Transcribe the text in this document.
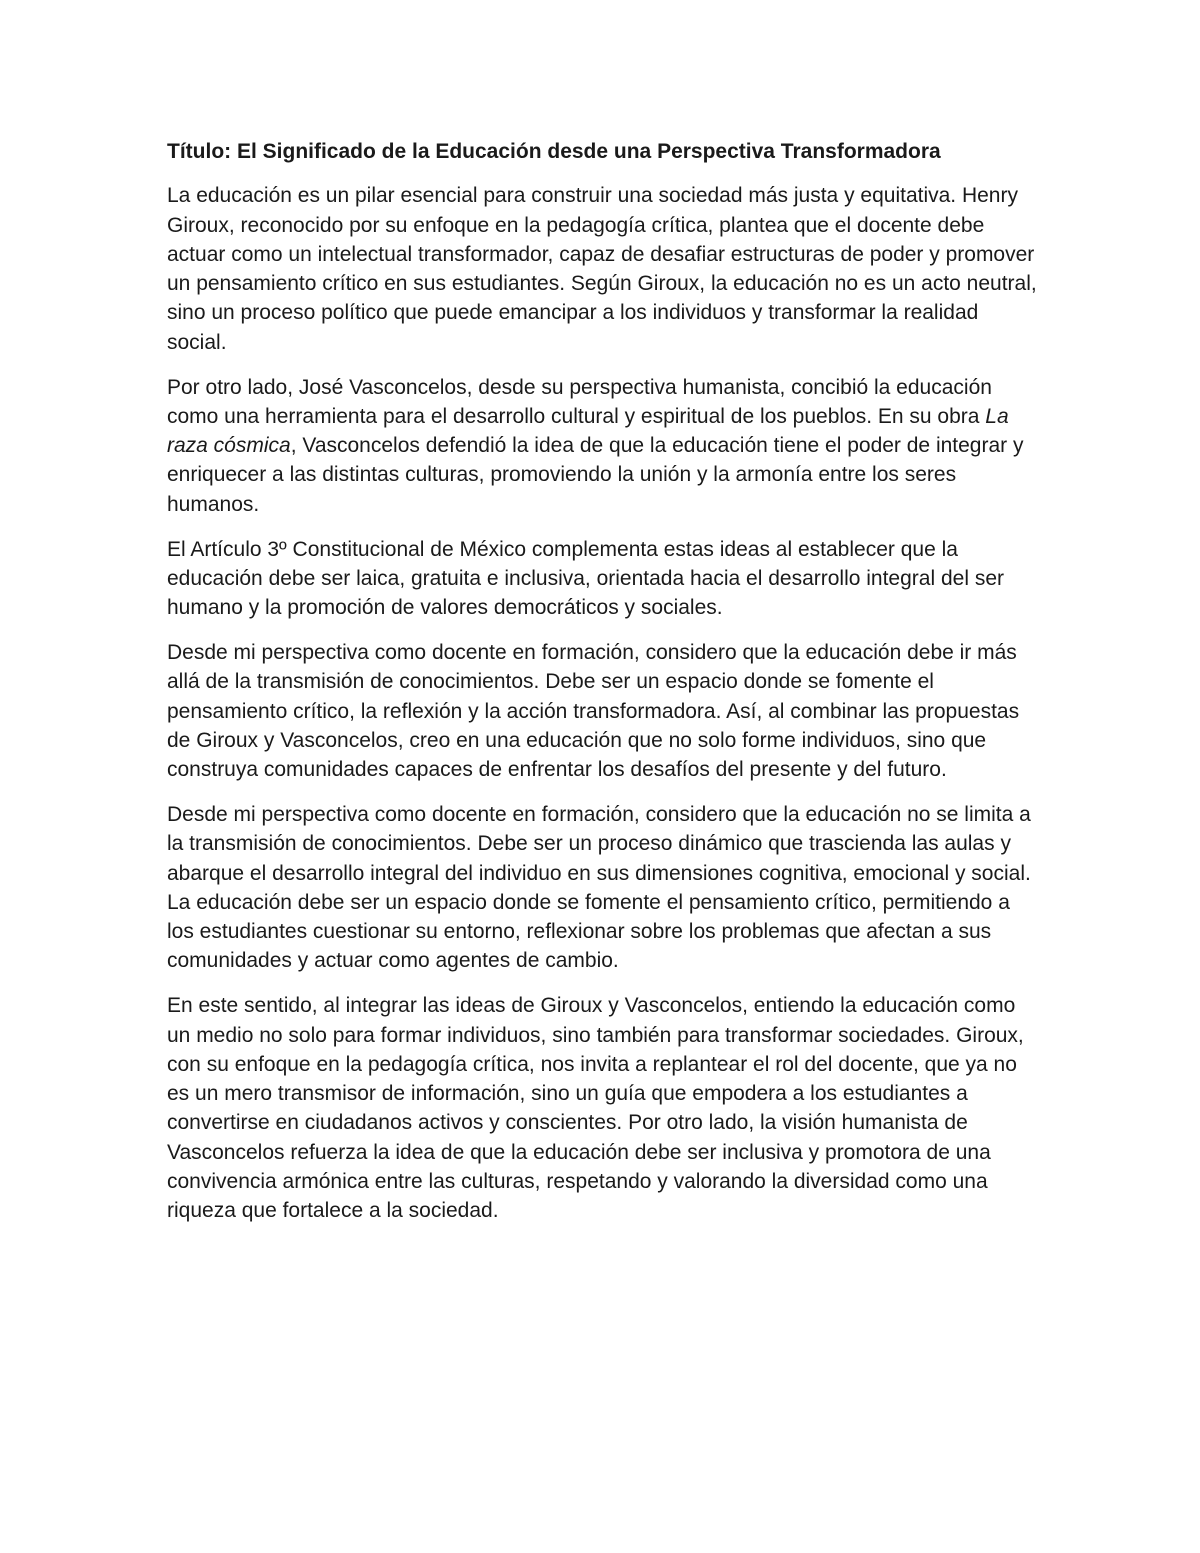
Título: El Significado de la Educación desde una Perspectiva Transformadora

La educación es un pilar esencial para construir una sociedad más justa y equitativa. Henry Giroux, reconocido por su enfoque en la pedagogía crítica, plantea que el docente debe actuar como un intelectual transformador, capaz de desafiar estructuras de poder y promover un pensamiento crítico en sus estudiantes. Según Giroux, la educación no es un acto neutral, sino un proceso político que puede emancipar a los individuos y transformar la realidad social.

Por otro lado, José Vasconcelos, desde su perspectiva humanista, concibió la educación como una herramienta para el desarrollo cultural y espiritual de los pueblos. En su obra La raza cósmica, Vasconcelos defendió la idea de que la educación tiene el poder de integrar y enriquecer a las distintas culturas, promoviendo la unión y la armonía entre los seres humanos.

El Artículo 3º Constitucional de México complementa estas ideas al establecer que la educación debe ser laica, gratuita e inclusiva, orientada hacia el desarrollo integral del ser humano y la promoción de valores democráticos y sociales.

Desde mi perspectiva como docente en formación, considero que la educación debe ir más allá de la transmisión de conocimientos. Debe ser un espacio donde se fomente el pensamiento crítico, la reflexión y la acción transformadora. Así, al combinar las propuestas de Giroux y Vasconcelos, creo en una educación que no solo forme individuos, sino que construya comunidades capaces de enfrentar los desafíos del presente y del futuro.

Desde mi perspectiva como docente en formación, considero que la educación no se limita a la transmisión de conocimientos. Debe ser un proceso dinámico que trascienda las aulas y abarque el desarrollo integral del individuo en sus dimensiones cognitiva, emocional y social. La educación debe ser un espacio donde se fomente el pensamiento crítico, permitiendo a los estudiantes cuestionar su entorno, reflexionar sobre los problemas que afectan a sus comunidades y actuar como agentes de cambio.

En este sentido, al integrar las ideas de Giroux y Vasconcelos, entiendo la educación como un medio no solo para formar individuos, sino también para transformar sociedades. Giroux, con su enfoque en la pedagogía crítica, nos invita a replantear el rol del docente, que ya no es un mero transmisor de información, sino un guía que empodera a los estudiantes a convertirse en ciudadanos activos y conscientes. Por otro lado, la visión humanista de Vasconcelos refuerza la idea de que la educación debe ser inclusiva y promotora de una convivencia armónica entre las culturas, respetando y valorando la diversidad como una riqueza que fortalece a la sociedad.
